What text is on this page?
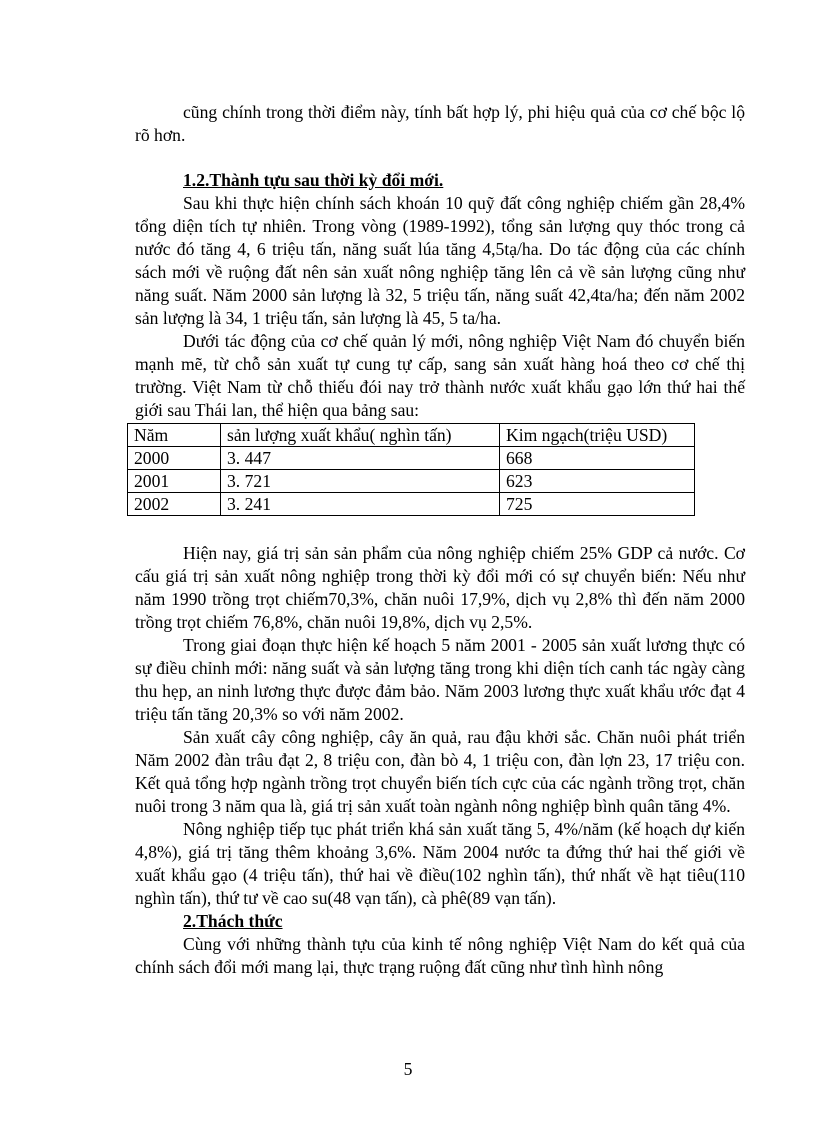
cũng chính trong thời điểm này, tính bất hợp lý, phi hiệu quả của cơ chế bộc lộ rõ hơn.

1.2.Thành tựu sau thời kỳ đổi mới.

Sau khi thực hiện chính sách khoán 10 quỹ đất công nghiệp chiếm gần 28,4% tổng diện tích tự nhiên. Trong vòng (1989-1992), tổng sản lượng quy thóc trong cả nước đó tăng 4, 6 triệu tấn, năng suất lúa tăng 4,5tạ/ha. Do tác động của các chính sách mới về ruộng đất nên sản xuất nông nghiệp tăng lên cả về sản lượng cũng như năng suất. Năm 2000 sản lượng là 32, 5 triệu tấn, năng suất 42,4ta/ha; đến năm 2002 sản lượng là 34, 1 triệu tấn, sản lượng là 45, 5 ta/ha.

Dưới tác động của cơ chế quản lý mới, nông nghiệp Việt Nam đó chuyển biến mạnh mẽ, từ chỗ sản xuất tự cung tự cấp, sang sản xuất hàng hoá theo cơ chế thị trường. Việt Nam từ chỗ thiếu đói nay trở thành nước xuất khẩu gạo lớn thứ hai thế giới sau Thái lan, thể hiện qua bảng sau:

Năm	sản lượng xuất khẩu( nghìn tấn)	Kim ngạch(triệu USD)
2000	3. 447	668
2001	3. 721	623
2002	3. 241	725

Hiện nay, giá trị sản sản phẩm của nông nghiệp chiếm 25% GDP cả nước. Cơ cấu giá trị sản xuất nông nghiệp trong thời kỳ đổi mới có sự chuyển biến: Nếu như năm 1990 trồng trọt chiếm70,3%, chăn nuôi 17,9%, dịch vụ 2,8% thì đến năm 2000 trồng trọt chiếm 76,8%, chăn nuôi 19,8%, dịch vụ 2,5%.

Trong giai đoạn thực hiện kế hoạch 5 năm 2001 - 2005 sản xuất lương thực có sự điều chỉnh mới: năng suất và sản lượng tăng trong khi diện tích canh tác ngày càng thu hẹp, an ninh lương thực được đảm bảo. Năm 2003 lương thực xuất khẩu ước đạt 4 triệu tấn tăng 20,3% so với năm 2002.

Sản xuất cây công nghiệp, cây ăn quả, rau đậu khởi sắc. Chăn nuôi phát triển Năm 2002 đàn trâu đạt 2, 8 triệu con, đàn bò 4, 1 triệu con, đàn lợn 23, 17 triệu con. Kết quả tổng hợp ngành trồng trọt chuyển biến tích cực của các ngành trồng trọt, chăn nuôi trong 3 năm qua là, giá trị sản xuất toàn ngành nông nghiệp bình quân tăng 4%.

Nông nghiệp tiếp tục phát triển khá sản xuất tăng 5, 4%/năm (kế hoạch dự kiến 4,8%), giá trị tăng thêm khoảng 3,6%. Năm 2004 nước ta đứng thứ hai thế giới về xuất khẩu gạo (4 triệu tấn), thứ hai về điều(102 nghìn tấn), thứ nhất về hạt tiêu(110 nghìn tấn), thứ tư về cao su(48 vạn tấn), cà phê(89 vạn tấn).

2.Thách thức

Cùng với những thành tựu của kinh tế nông nghiệp Việt Nam do kết quả của chính sách đổi mới mang lại, thực trạng ruộng đất cũng như tình hình nông

5
